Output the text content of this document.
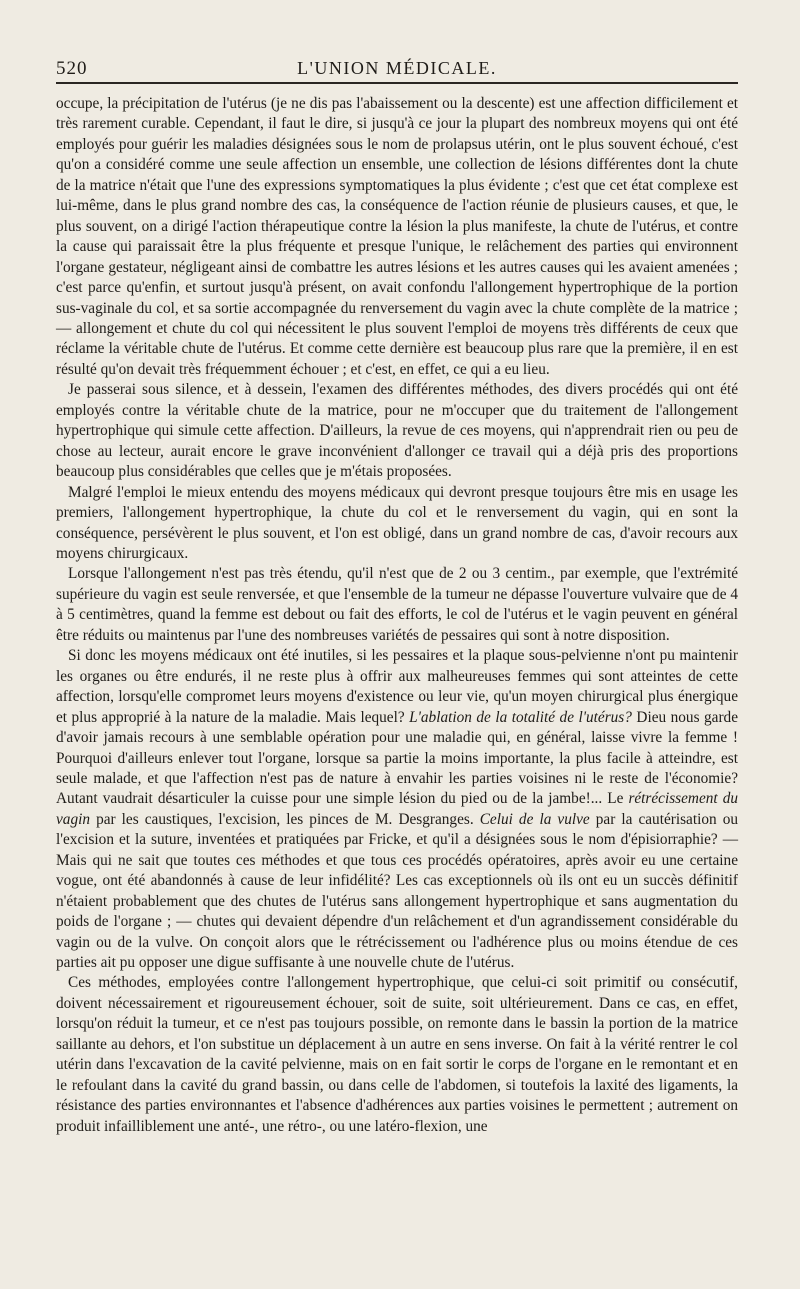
520	L'UNION MÉDICALE.

occupe, la précipitation de l'utérus (je ne dis pas l'abaissement ou la descente) est une affection difficilement et très rarement curable. Cependant, il faut le dire, si jusqu'à ce jour la plupart des nombreux moyens qui ont été employés pour guérir les maladies désignées sous le nom de prolapsus utérin, ont le plus souvent échoué, c'est qu'on a considéré comme une seule affection un ensemble, une collection de lésions différentes dont la chute de la matrice n'était que l'une des expressions symptomatiques la plus évidente ; c'est que cet état complexe est lui-même, dans le plus grand nombre des cas, la conséquence de l'action réunie de plusieurs causes, et que, le plus souvent, on a dirigé l'action thérapeutique contre la lésion la plus manifeste, la chute de l'utérus, et contre la cause qui paraissait être la plus fréquente et presque l'unique, le relâchement des parties qui environnent l'organe gestateur, négligeant ainsi de combattre les autres lésions et les autres causes qui les avaient amenées ; c'est parce qu'enfin, et surtout jusqu'à présent, on avait confondu l'allongement hypertrophique de la portion sus-vaginale du col, et sa sortie accompagnée du renversement du vagin avec la chute complète de la matrice ; — allongement et chute du col qui nécessitent le plus souvent l'emploi de moyens très différents de ceux que réclame la véritable chute de l'utérus. Et comme cette dernière est beaucoup plus rare que la première, il en est résulté qu'on devait très fréquemment échouer ; et c'est, en effet, ce qui a eu lieu.

Je passerai sous silence, et à dessein, l'examen des différentes méthodes, des divers procédés qui ont été employés contre la véritable chute de la matrice, pour ne m'occuper que du traitement de l'allongement hypertrophique qui simule cette affection. D'ailleurs, la revue de ces moyens, qui n'apprendrait rien ou peu de chose au lecteur, aurait encore le grave inconvénient d'allonger ce travail qui a déjà pris des proportions beaucoup plus considérables que celles que je m'étais proposées.

Malgré l'emploi le mieux entendu des moyens médicaux qui devront presque toujours être mis en usage les premiers, l'allongement hypertrophique, la chute du col et le renversement du vagin, qui en sont la conséquence, persévèrent le plus souvent, et l'on est obligé, dans un grand nombre de cas, d'avoir recours aux moyens chirurgicaux.

Lorsque l'allongement n'est pas très étendu, qu'il n'est que de 2 ou 3 centim., par exemple, que l'extrémité supérieure du vagin est seule renversée, et que l'ensemble de la tumeur ne dépasse l'ouverture vulvaire que de 4 à 5 centimètres, quand la femme est debout ou fait des efforts, le col de l'utérus et le vagin peuvent en général être réduits ou maintenus par l'une des nombreuses variétés de pessaires qui sont à notre disposition.

Si donc les moyens médicaux ont été inutiles, si les pessaires et la plaque sous-pelvienne n'ont pu maintenir les organes ou être endurés, il ne reste plus à offrir aux malheureuses femmes qui sont atteintes de cette affection, lorsqu'elle compromet leurs moyens d'existence ou leur vie, qu'un moyen chirurgical plus énergique et plus approprié à la nature de la maladie. Mais lequel? L'ablation de la totalité de l'utérus? Dieu nous garde d'avoir jamais recours à une semblable opération pour une maladie qui, en général, laisse vivre la femme ! Pourquoi d'ailleurs enlever tout l'organe, lorsque sa partie la moins importante, la plus facile à atteindre, est seule malade, et que l'affection n'est pas de nature à envahir les parties voisines ni le reste de l'économie? Autant vaudrait désarticuler la cuisse pour une simple lésion du pied ou de la jambe!... Le rétrécissement du vagin par les caustiques, l'excision, les pinces de M. Desgranges. Celui de la vulve par la cautérisation ou l'excision et la suture, inventées et pratiquées par Fricke, et qu'il a désignées sous le nom d'épisiorraphie? — Mais qui ne sait que toutes ces méthodes et que tous ces procédés opératoires, après avoir eu une certaine vogue, ont été abandonnés à cause de leur infidélité? Les cas exceptionnels où ils ont eu un succès définitif n'étaient probablement que des chutes de l'utérus sans allongement hypertrophique et sans augmentation du poids de l'organe ; — chutes qui devaient dépendre d'un relâchement et d'un agrandissement considérable du vagin ou de la vulve. On conçoit alors que le rétrécissement ou l'adhérence plus ou moins étendue de ces parties ait pu opposer une digue suffisante à une nouvelle chute de l'utérus.

Ces méthodes, employées contre l'allongement hypertrophique, que celui-ci soit primitif ou consécutif, doivent nécessairement et rigoureusement échouer, soit de suite, soit ultérieurement. Dans ce cas, en effet, lorsqu'on réduit la tumeur, et ce n'est pas toujours possible, on remonte dans le bassin la portion de la matrice saillante au dehors, et l'on substitue un déplacement à un autre en sens inverse. On fait à la vérité rentrer le col utérin dans l'excavation de la cavité pelvienne, mais on en fait sortir le corps de l'organe en le remontant et en le refoulant dans la cavité du grand bassin, ou dans celle de l'abdomen, si toutefois la laxité des ligaments, la résistance des parties environnantes et l'absence d'adhérences aux parties voisines le permettent ; autrement on produit infailliblement une anté-, une rétro-, ou une latéro-flexion, une
